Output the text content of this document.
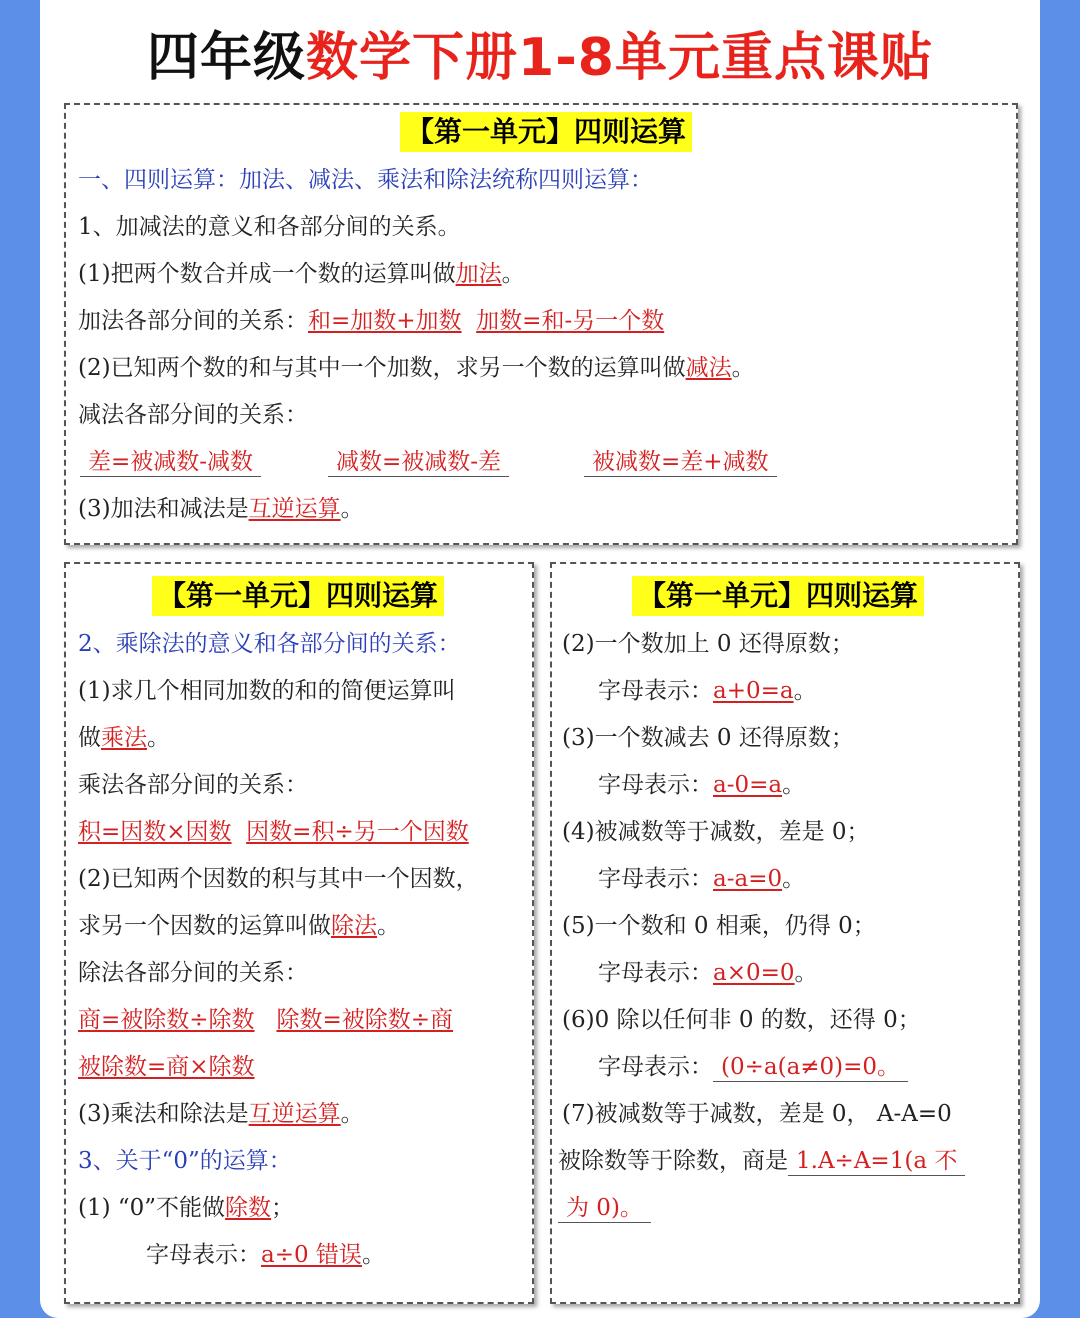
四年级数学下册1-8单元重点课贴
【第一单元】四则运算
一、四则运算：加法、减法、乘法和除法统称四则运算：
1、加减法的意义和各部分间的关系。
(1)把两个数合并成一个数的运算叫做加法。
加法各部分间的关系：和=加数+加数 加数=和-另一个数
(2)已知两个数的和与其中一个加数，求另一个数的运算叫做减法。
减法各部分间的关系：
差=被减数-减数	减数=被减数-差	被减数=差+减数
(3)加法和减法是互逆运算。
【第一单元】四则运算
2、乘除法的意义和各部分间的关系：
(1)求几个相同加数的和的简便运算叫
做乘法。
乘法各部分间的关系：
积=因数×因数 因数=积÷另一个因数
(2)已知两个因数的积与其中一个因数，
求另一个因数的运算叫做除法。
除法各部分间的关系：
商=被除数÷除数 除数=被除数÷商
被除数=商×除数
(3)乘法和除法是互逆运算。
3、关于“0”的运算：
(1) “0”不能做除数；
字母表示：a÷0 错误。
【第一单元】四则运算
(2)一个数加上 0 还得原数；
字母表示：a+0=a。
(3)一个数减去 0 还得原数；
字母表示：a-0=a。
(4)被减数等于减数，差是 0；
字母表示：a-a=0。
(5)一个数和 0 相乘，仍得 0；
字母表示：a×0=0。
(6)0 除以任何非 0 的数，还得 0；
字母表示： (0÷a(a≠0)=0。
(7)被减数等于减数，差是 0， A-A=0
被除数等于除数，商是 1.A÷A=1(a 不
为 0)。
